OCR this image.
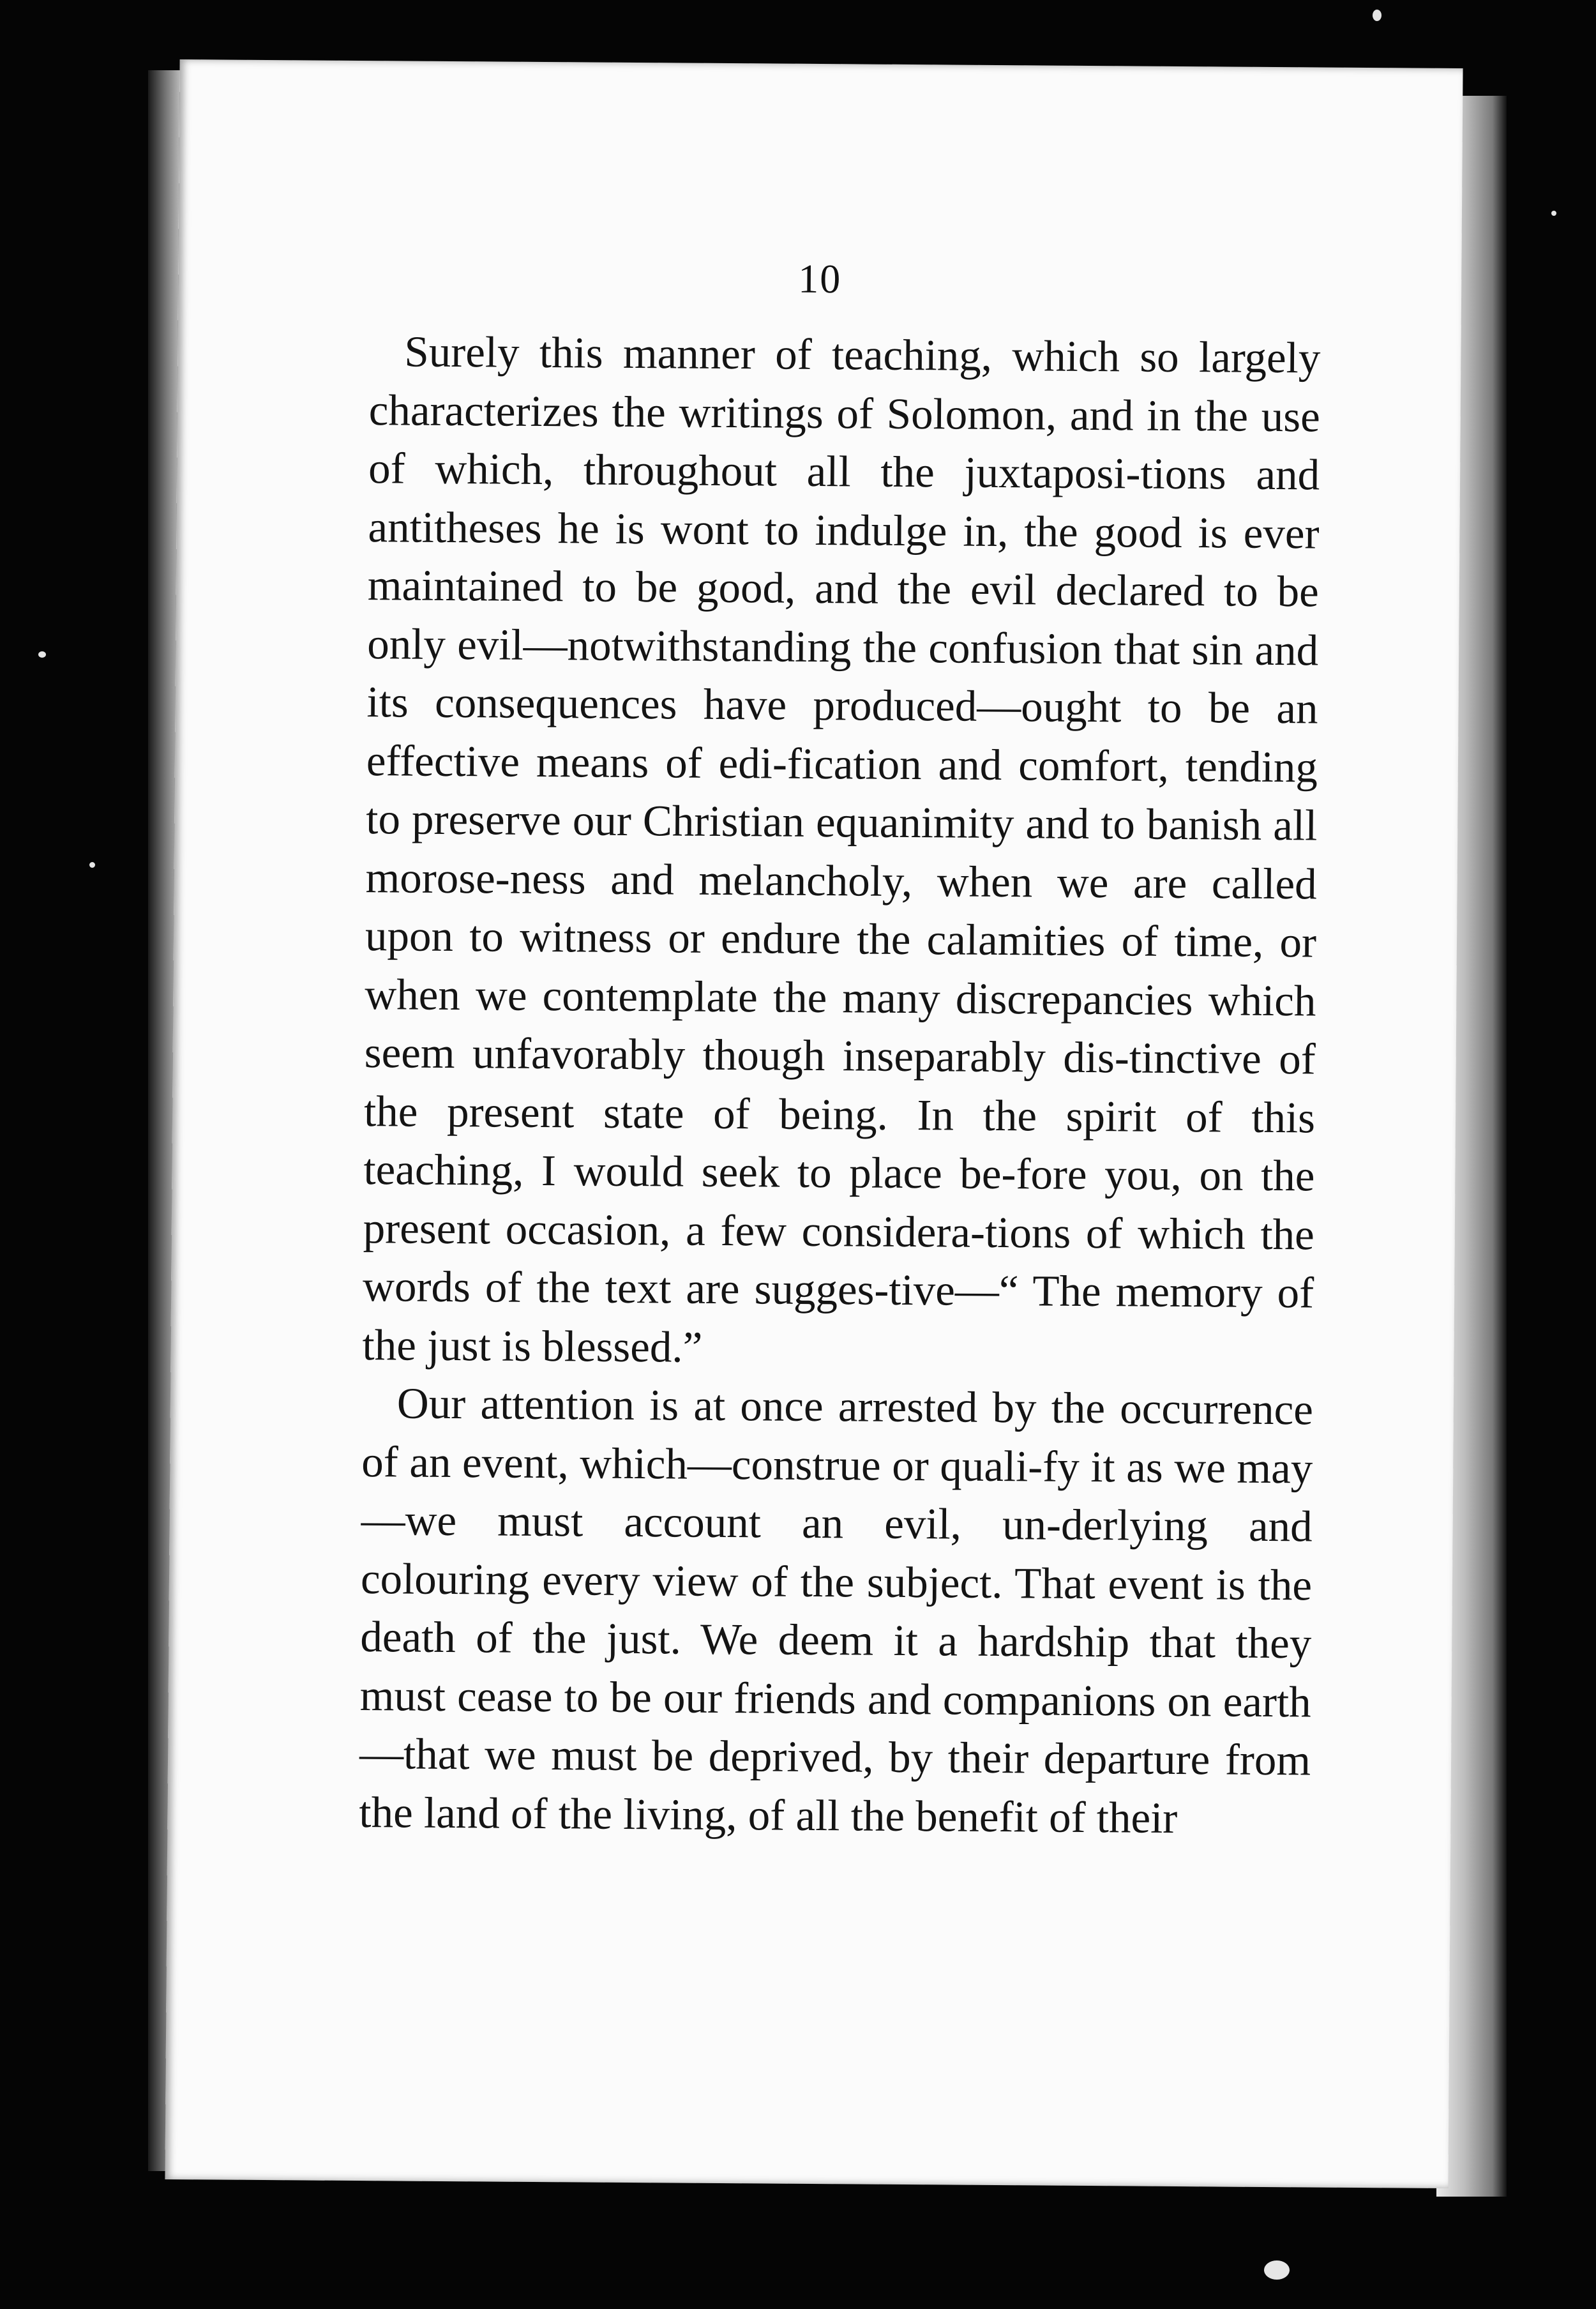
10

Surely this manner of teaching, which so largely characterizes the writings of Solomon, and in the use of which, throughout all the juxtaposi-tions and antitheses he is wont to indulge in, the good is ever maintained to be good, and the evil declared to be only evil—notwithstanding the confusion that sin and its consequences have produced—ought to be an effective means of edi-fication and comfort, tending to preserve our Christian equanimity and to banish all morose-ness and melancholy, when we are called upon to witness or endure the calamities of time, or when we contemplate the many discrepancies which seem unfavorably though inseparably dis-tinctive of the present state of being. In the spirit of this teaching, I would seek to place be-fore you, on the present occasion, a few considera-tions of which the words of the text are sugges-tive—“ The memory of the just is blessed.”

Our attention is at once arrested by the occurrence of an event, which—construe or quali-fy it as we may—we must account an evil, un-derlying and colouring every view of the subject. That event is the death of the just. We deem it a hardship that they must cease to be our friends and companions on earth—that we must be deprived, by their departure from the land of the living, of all the benefit of their
